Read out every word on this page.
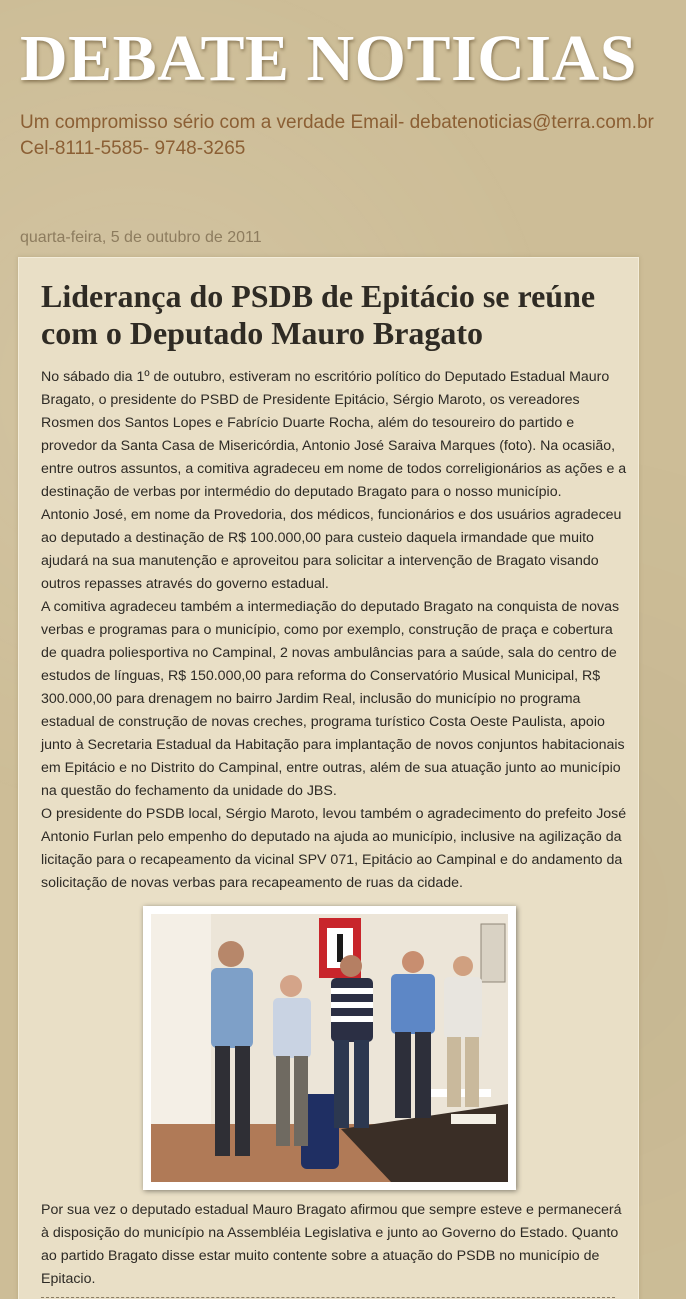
DEBATE NOTICIAS
Um compromisso sério com a verdade Email- debatenoticias@terra.com.br
Cel-8111-5585- 9748-3265
quarta-feira, 5 de outubro de 2011
Liderança do PSDB de Epitácio se reúne com o Deputado Mauro Bragato

No sábado dia 1º de outubro, estiveram no escritório político do Deputado Estadual Mauro Bragato, o presidente do PSBD de Presidente Epitácio, Sérgio Maroto, os vereadores Rosmen dos Santos Lopes e Fabrício Duarte Rocha, além do tesoureiro do partido e provedor da Santa Casa de Misericórdia, Antonio José Saraiva Marques (foto). Na ocasião, entre outros assuntos, a comitiva agradeceu em nome de todos correligionários as ações e a destinação de verbas por intermédio do deputado Bragato para o nosso município.

Antonio José, em nome da Provedoria, dos médicos, funcionários e dos usuários agradeceu ao deputado a destinação de R$ 100.000,00 para custeio daquela irmandade que muito ajudará na sua manutenção e aproveitou para solicitar a intervenção de Bragato visando outros repasses através do governo estadual.

A comitiva agradeceu também a intermediação do deputado Bragato na conquista de novas verbas e programas para o município, como por exemplo, construção de praça e cobertura de quadra poliesportiva no Campinal, 2 novas ambulâncias para a saúde, sala do centro de estudos de línguas, R$ 150.000,00 para reforma do Conservatório Musical Municipal, R$ 300.000,00 para drenagem no bairro Jardim Real, inclusão do município no programa estadual de construção de novas creches, programa turístico Costa Oeste Paulista, apoio junto à Secretaria Estadual da Habitação para implantação de novos conjuntos habitacionais em Epitácio e no Distrito do Campinal, entre outras, além de sua atuação junto ao município na questão do fechamento da unidade do JBS.

O presidente do PSDB local, Sérgio Maroto, levou também o agradecimento do prefeito José Antonio Furlan pelo empenho do deputado na ajuda ao município, inclusive na agilização da licitação para o recapeamento da vicinal SPV 071, Epitácio ao Campinal e do andamento da solicitação de novas verbas para recapeamento de ruas da cidade.

Por sua vez o deputado estadual Mauro Bragato afirmou que sempre esteve e permanecerá à disposição do município na Assembléia Legislativa e junto ao Governo do Estado. Quanto ao partido Bragato disse estar muito contente sobre a atuação do PSDB no município de Epitacio.
